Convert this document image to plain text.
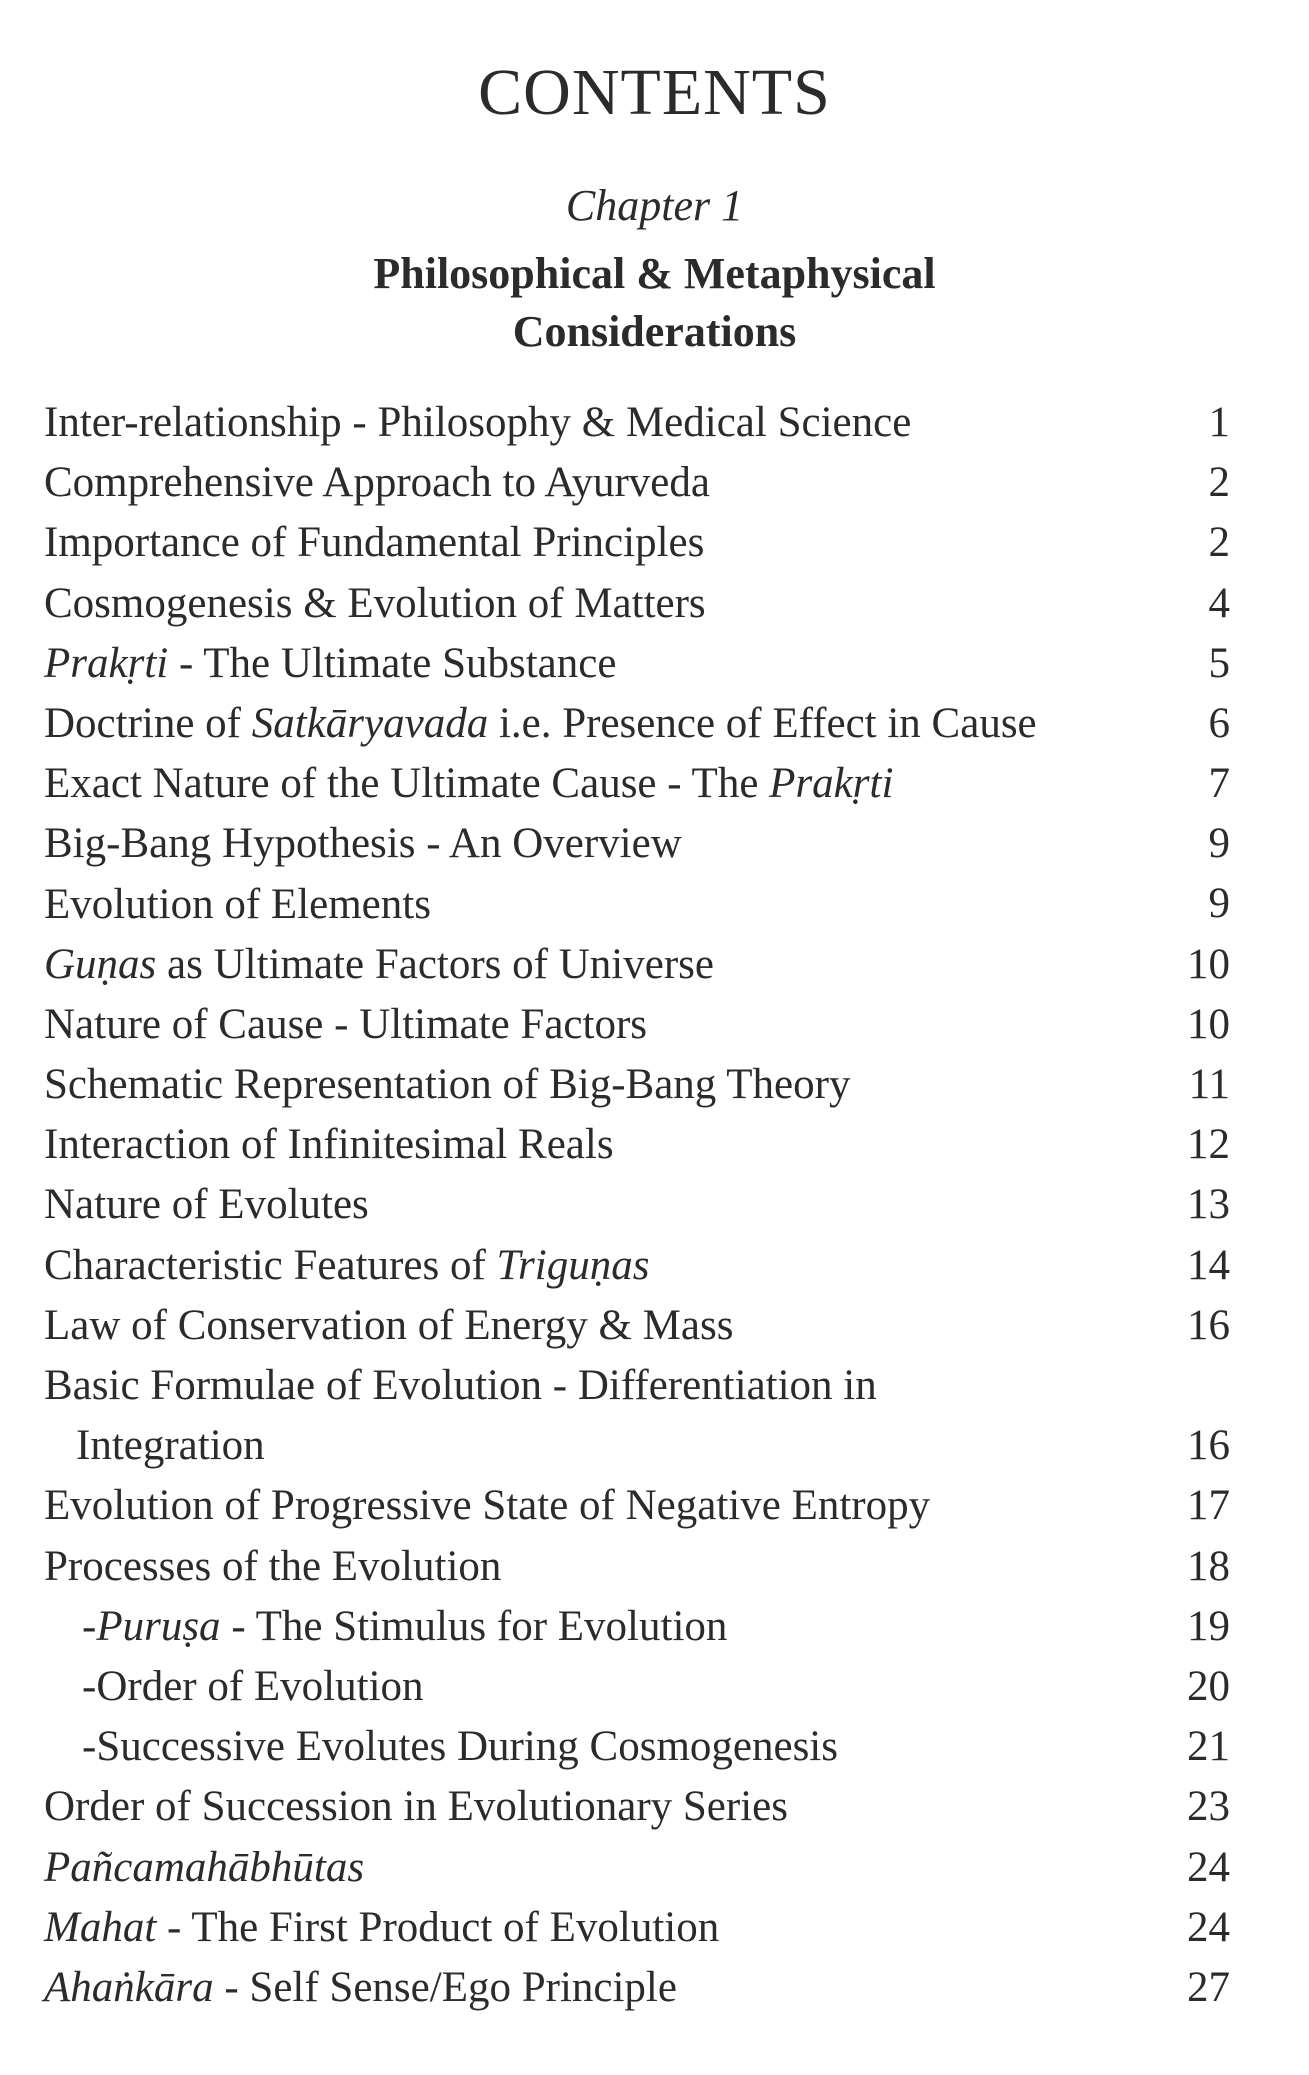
CONTENTS
Chapter 1
Philosophical & Metaphysical
Considerations
Inter-relationship - Philosophy & Medical Science	1
Comprehensive Approach to Ayurveda	2
Importance of Fundamental Principles	2
Cosmogenesis & Evolution of Matters	4
Prakṛti - The Ultimate Substance	5
Doctrine of Satkāryavada i.e. Presence of Effect in Cause	6
Exact Nature of the Ultimate Cause - The Prakṛti	7
Big-Bang Hypothesis - An Overview	9
Evolution of Elements	9
Guṇas as Ultimate Factors of Universe	10
Nature of Cause - Ultimate Factors	10
Schematic Representation of Big-Bang Theory	11
Interaction of Infinitesimal Reals	12
Nature of Evolutes	13
Characteristic Features of Triguṇas	14
Law of Conservation of Energy & Mass	16
Basic Formulae of Evolution - Differentiation in
Integration	16
Evolution of Progressive State of Negative Entropy	17
Processes of the Evolution	18
-Puruṣa - The Stimulus for Evolution	19
-Order of Evolution	20
-Successive Evolutes During Cosmogenesis	21
Order of Succession in Evolutionary Series	23
Pañcamahābhūtas	24
Mahat - The First Product of Evolution	24
Ahaṅkāra - Self Sense/Ego Principle	27
